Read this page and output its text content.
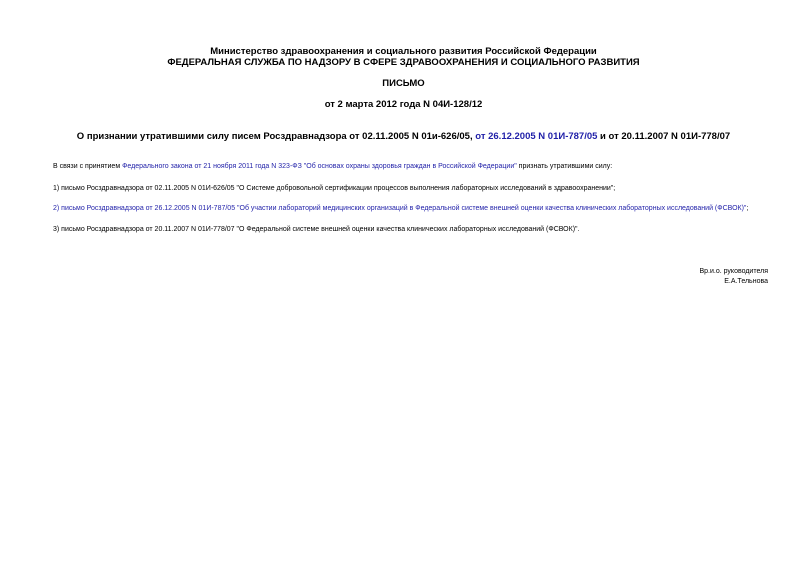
Министерство здравоохранения и социального развития Российской Федерации
ФЕДЕРАЛЬНАЯ СЛУЖБА ПО НАДЗОРУ В СФЕРЕ ЗДРАВООХРАНЕНИЯ И СОЦИАЛЬНОГО РАЗВИТИЯ
ПИСЬМО
от 2 марта 2012 года N 04И-128/12
О признании утратившими силу писем Росздравнадзора от 02.11.2005 N 01и-626/05, от 26.12.2005 N 01И-787/05 и от 20.11.2007 N 01И-778/07
В связи с принятием Федерального закона от 21 ноября 2011 года N 323-ФЗ "Об основах охраны здоровья граждан в Российской Федерации" признать утратившими силу:
1) письмо Росздравнадзора от 02.11.2005 N 01И-626/05 "О Системе добровольной сертификации процессов выполнения лабораторных исследований в здравоохранении";
2) письмо Росздравнадзора от 26.12.2005 N 01И-787/05 "Об участии лабораторий медицинских организаций в Федеральной системе внешней оценки качества клинических лабораторных исследований (ФСВОК)";
3) письмо Росздравнадзора от 20.11.2007 N 01И-778/07 "О Федеральной системе внешней оценки качества клинических лабораторных исследований (ФСВОК)".
Вр.и.о. руководителя
Е.А.Тельнова
